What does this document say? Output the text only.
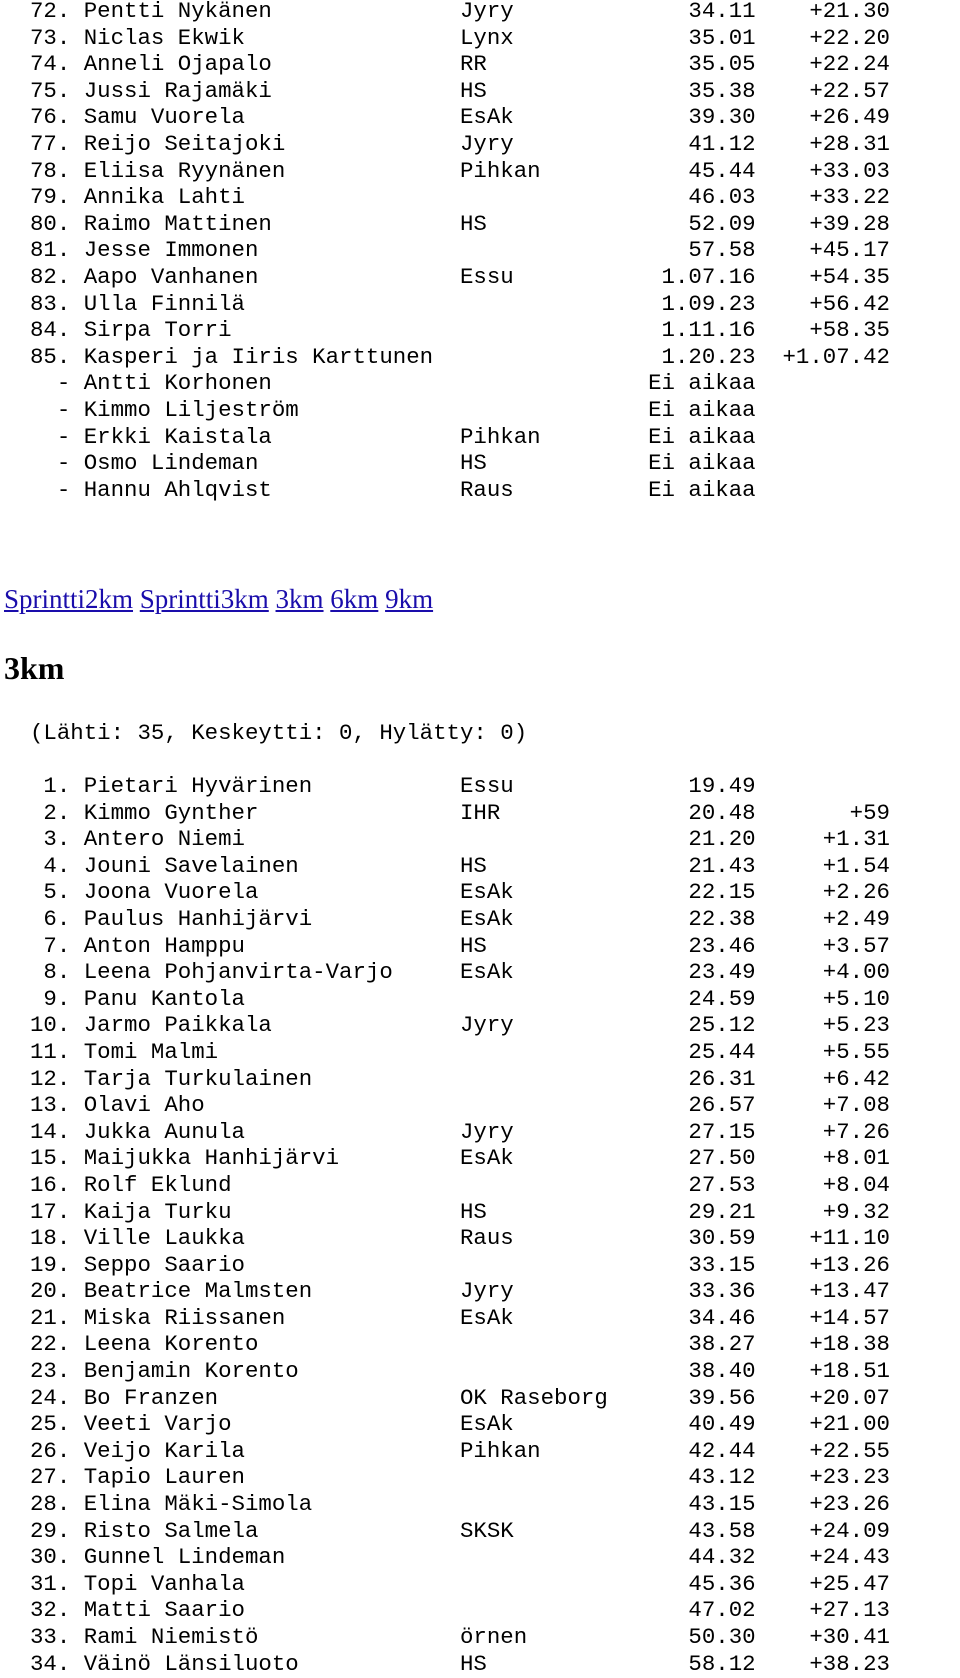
72. Pentti Nykänen              Jyry             34.11    +21.30
73. Niclas Ekwik                Lynx             35.01    +22.20
74. Anneli Ojapalo              RR               35.05    +22.24
75. Jussi Rajamäki              HS               35.38    +22.57
76. Samu Vuorela                EsAk             39.30    +26.49
77. Reijo Seitajoki             Jyry             41.12    +28.31
78. Eliisa Ryynänen             Pihkan           45.44    +33.03
79. Annika Lahti                                 46.03    +33.22
80. Raimo Mattinen              HS               52.09    +39.28
81. Jesse Immonen                                57.58    +45.17
82. Aapo Vanhanen               Essu           1.07.16    +54.35
83. Ulla Finnilä                               1.09.23    +56.42
84. Sirpa Torri                                1.11.16    +58.35
85. Kasperi ja Iiris Karttunen                 1.20.23  +1.07.42
- Antti Korhonen                            Ei aikaa
- Kimmo Liljeström                          Ei aikaa
- Erkki Kaistala              Pihkan        Ei aikaa
- Osmo Lindeman               HS            Ei aikaa
- Hannu Ahlqvist              Raus          Ei aikaa
Sprintti2km Sprintti3km 3km 6km 9km
3km
(Lähti: 35, Keskeytti: 0, Hylätty: 0)
1. Pietari Hyvärinen           Essu             19.49
2. Kimmo Gynther               IHR              20.48       +59
3. Antero Niemi                                 21.20     +1.31
4. Jouni Savelainen            HS               21.43     +1.54
5. Joona Vuorela               EsAk             22.15     +2.26
6. Paulus Hanhijärvi           EsAk             22.38     +2.49
7. Anton Hamppu                HS               23.46     +3.57
8. Leena Pohjanvirta-Varjo     EsAk             23.49     +4.00
9. Panu Kantola                                 24.59     +5.10
10. Jarmo Paikkala              Jyry             25.12     +5.23
11. Tomi Malmi                                   25.44     +5.55
12. Tarja Turkulainen                            26.31     +6.42
13. Olavi Aho                                    26.57     +7.08
14. Jukka Aunula                Jyry             27.15     +7.26
15. Maijukka Hanhijärvi         EsAk             27.50     +8.01
16. Rolf Eklund                                  27.53     +8.04
17. Kaija Turku                 HS               29.21     +9.32
18. Ville Laukka                Raus             30.59    +11.10
19. Seppo Saario                                 33.15    +13.26
20. Beatrice Malmsten           Jyry             33.36    +13.47
21. Miska Riissanen             EsAk             34.46    +14.57
22. Leena Korento                                38.27    +18.38
23. Benjamin Korento                             38.40    +18.51
24. Bo Franzen                  OK Raseborg      39.56    +20.07
25. Veeti Varjo                 EsAk             40.49    +21.00
26. Veijo Karila                Pihkan           42.44    +22.55
27. Tapio Lauren                                 43.12    +23.23
28. Elina Mäki-Simola                            43.15    +23.26
29. Risto Salmela               SKSK             43.58    +24.09
30. Gunnel Lindeman                              44.32    +24.43
31. Topi Vanhala                                 45.36    +25.47
32. Matti Saario                                 47.02    +27.13
33. Rami Niemistö               örnen            50.30    +30.41
34. Väinö Länsiluoto            HS               58.12    +38.23
